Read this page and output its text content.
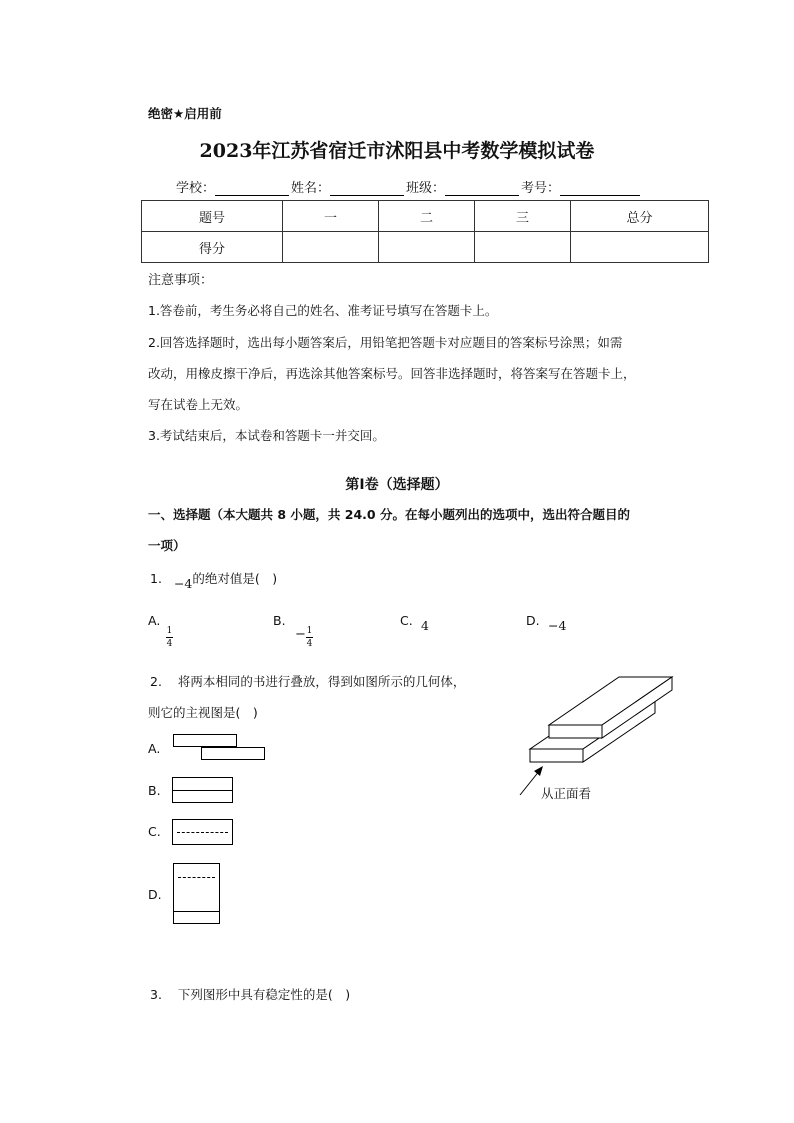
绝密★启用前
2023年江苏省宿迁市沭阳县中考数学模拟试卷
学校：	姓名：	班级：	考号：
题号	一	二	三	总分
得分				
注意事项：
1.答卷前，考生务必将自己的姓名、准考证号填写在答题卡上。
2.回答选择题时，选出每小题答案后，用铅笔把答题卡对应题目的答案标号涂黑；如需
改动，用橡皮擦干净后，再选涂其他答案标号。回答非选择题时，将答案写在答题卡上，
写在试卷上无效。
3.考试结束后，本试卷和答题卡一并交回。
第Ⅰ卷（选择题）
一、选择题（本大题共 8 小题，共 24.0 分。在每小题列出的选项中，选出符合题目的
一项）
1. −4 的绝对值是(　)
A.
1
4
B.
− 1
4
C. 4	D. −4
2. 将两本相同的书进行叠放，得到如图所示的几何体，
则它的主视图是(　)
A.
B.
C.
D.
从正面看
3. 下列图形中具有稳定性的是(　)
